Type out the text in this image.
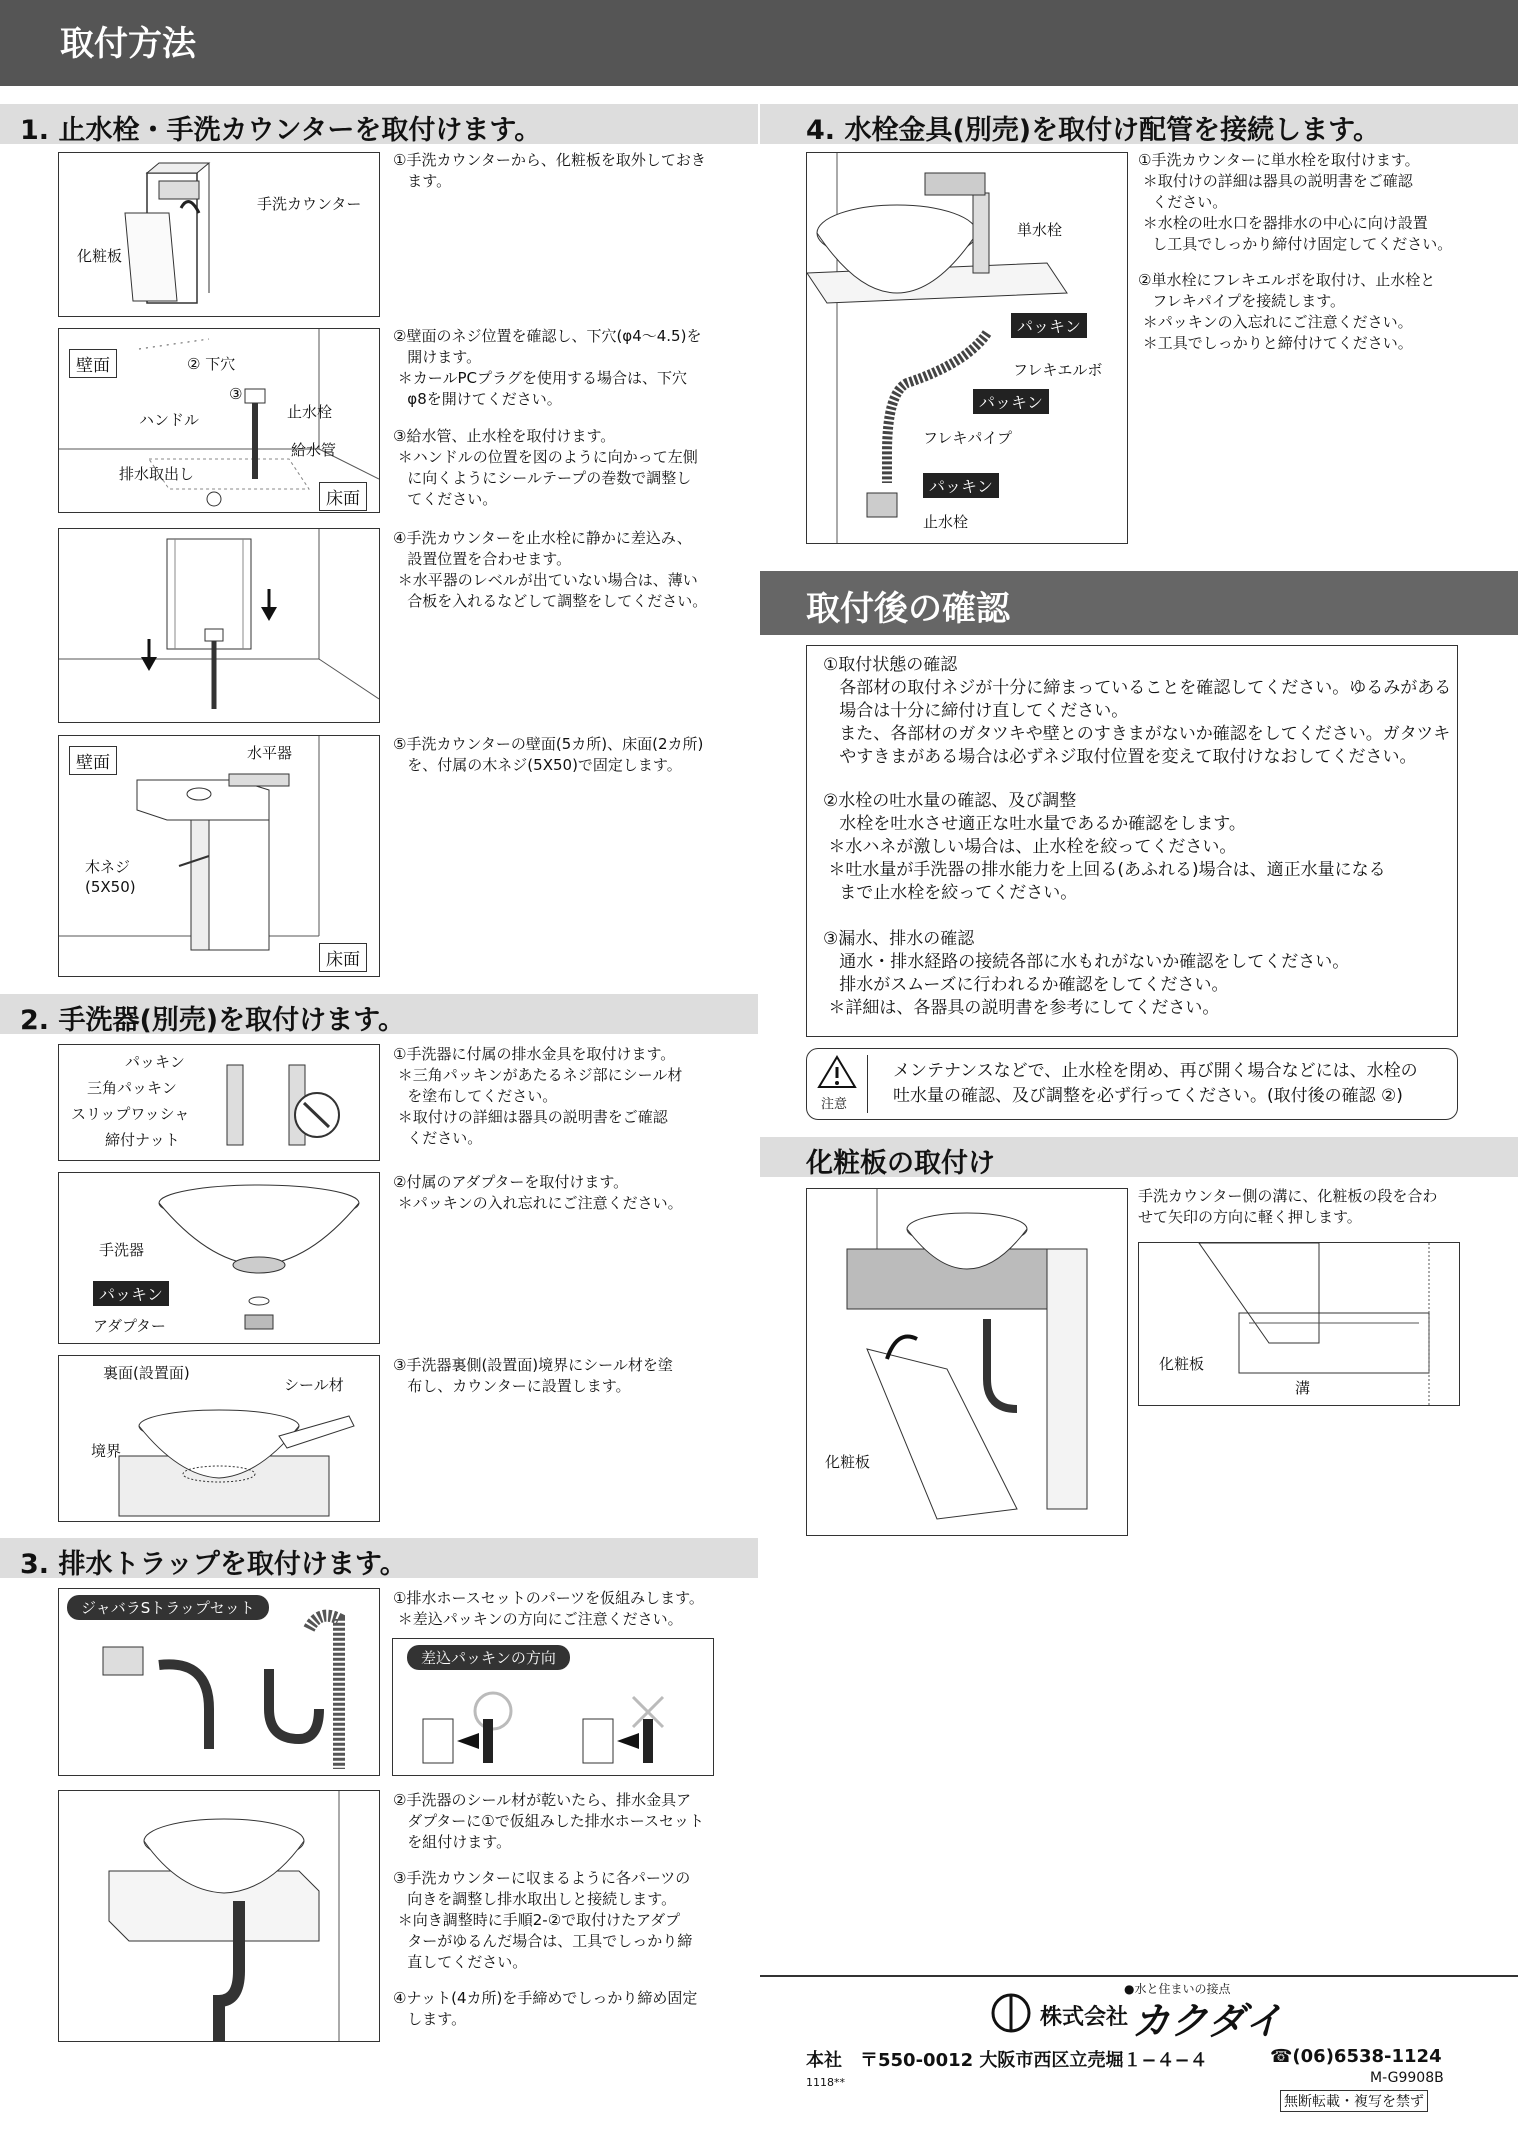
取付方法
1. 止水栓・手洗カウンターを取付けます。
手洗カウンター
化粧板
壁面	② 下穴
③
ハンドル	止水栓
給水管
排水取出し
床面
壁面	水平器
木ネジ
(5X50)
床面
①手洗カウンターから、化粧板を取外しておき
ます。
②壁面のネジ位置を確認し、下穴(φ4〜4.5)を
開けます。
＊カールPCプラグを使用する場合は、下穴
φ8を開けてください。
③給水管、止水栓を取付けます。
＊ハンドルの位置を図のように向かって左側
に向くようにシールテープの巻数で調整し
てください。
④手洗カウンターを止水栓に静かに差込み、
設置位置を合わせます。
＊水平器のレベルが出ていない場合は、薄い
合板を入れるなどして調整をしてください。
⑤手洗カウンターの壁面(5カ所)、床面(2カ所)
を、付属の木ネジ(5X50)で固定します。
2. 手洗器(別売)を取付けます。
パッキン
三角パッキン
スリップワッシャ
締付ナット
手洗器
パッキン
アダプター
裏面(設置面)
シール材
境界
①手洗器に付属の排水金具を取付けます。
＊三角パッキンがあたるネジ部にシール材
を塗布してください。
＊取付けの詳細は器具の説明書をご確認
ください。
②付属のアダプターを取付けます。
＊パッキンの入れ忘れにご注意ください。
③手洗器裏側(設置面)境界にシール材を塗
布し、カウンターに設置します。
3. 排水トラップを取付けます。
ジャバラSトラップセット
差込パッキンの方向
①排水ホースセットのパーツを仮組みします。
＊差込パッキンの方向にご注意ください。
②手洗器のシール材が乾いたら、排水金具ア
ダプターに①で仮組みした排水ホースセット
を組付けます。
③手洗カウンターに収まるように各パーツの
向きを調整し排水取出しと接続します。
＊向き調整時に手順2-②で取付けたアダプ
ターがゆるんだ場合は、工具でしっかり締
直してください。
④ナット(4カ所)を手締めでしっかり締め固定
します。
4. 水栓金具(別売)を取付け配管を接続します。
単水栓
パッキン
フレキエルボ
パッキン
フレキパイプ
パッキン
止水栓
①手洗カウンターに単水栓を取付けます。
＊取付けの詳細は器具の説明書をご確認
ください。
＊水栓の吐水口を器排水の中心に向け設置
し工具でしっかり締付け固定してください。
②単水栓にフレキエルボを取付け、止水栓と
フレキパイプを接続します。
＊パッキンの入忘れにご注意ください。
＊工具でしっかりと締付けてください。
取付後の確認
①取付状態の確認
各部材の取付ネジが十分に締まっていることを確認してください。ゆるみがある
場合は十分に締付け直してください。
また、各部材のガタツキや壁とのすきまがないか確認をしてください。ガタツキ
やすきまがある場合は必ずネジ取付位置を変えて取付けなおしてください。
②水栓の吐水量の確認、及び調整
水栓を吐水させ適正な吐水量であるか確認をします。
＊水ハネが激しい場合は、止水栓を絞ってください。
＊吐水量が手洗器の排水能力を上回る(あふれる)場合は、適正水量になる
まで止水栓を絞ってください。
③漏水、排水の確認
通水・排水経路の接続各部に水もれがないか確認をしてください。
排水がスムーズに行われるか確認をしてください。
＊詳細は、各器具の説明書を参考にしてください。
注意
メンテナンスなどで、止水栓を閉め、再び開く場合などには、水栓の
吐水量の確認、及び調整を必ず行ってください。(取付後の確認 ②)
化粧板の取付け
化粧板
手洗カウンター側の溝に、化粧板の段を合わ
せて矢印の方向に軽く押します。
化粧板
溝
●水と住まいの接点
株式会社 カクダイ
本社　〒550-0012 大阪市西区立売堀１−４−４	☎(06)6538-1124
M-G9908B
1118**
無断転載・複写を禁ず
